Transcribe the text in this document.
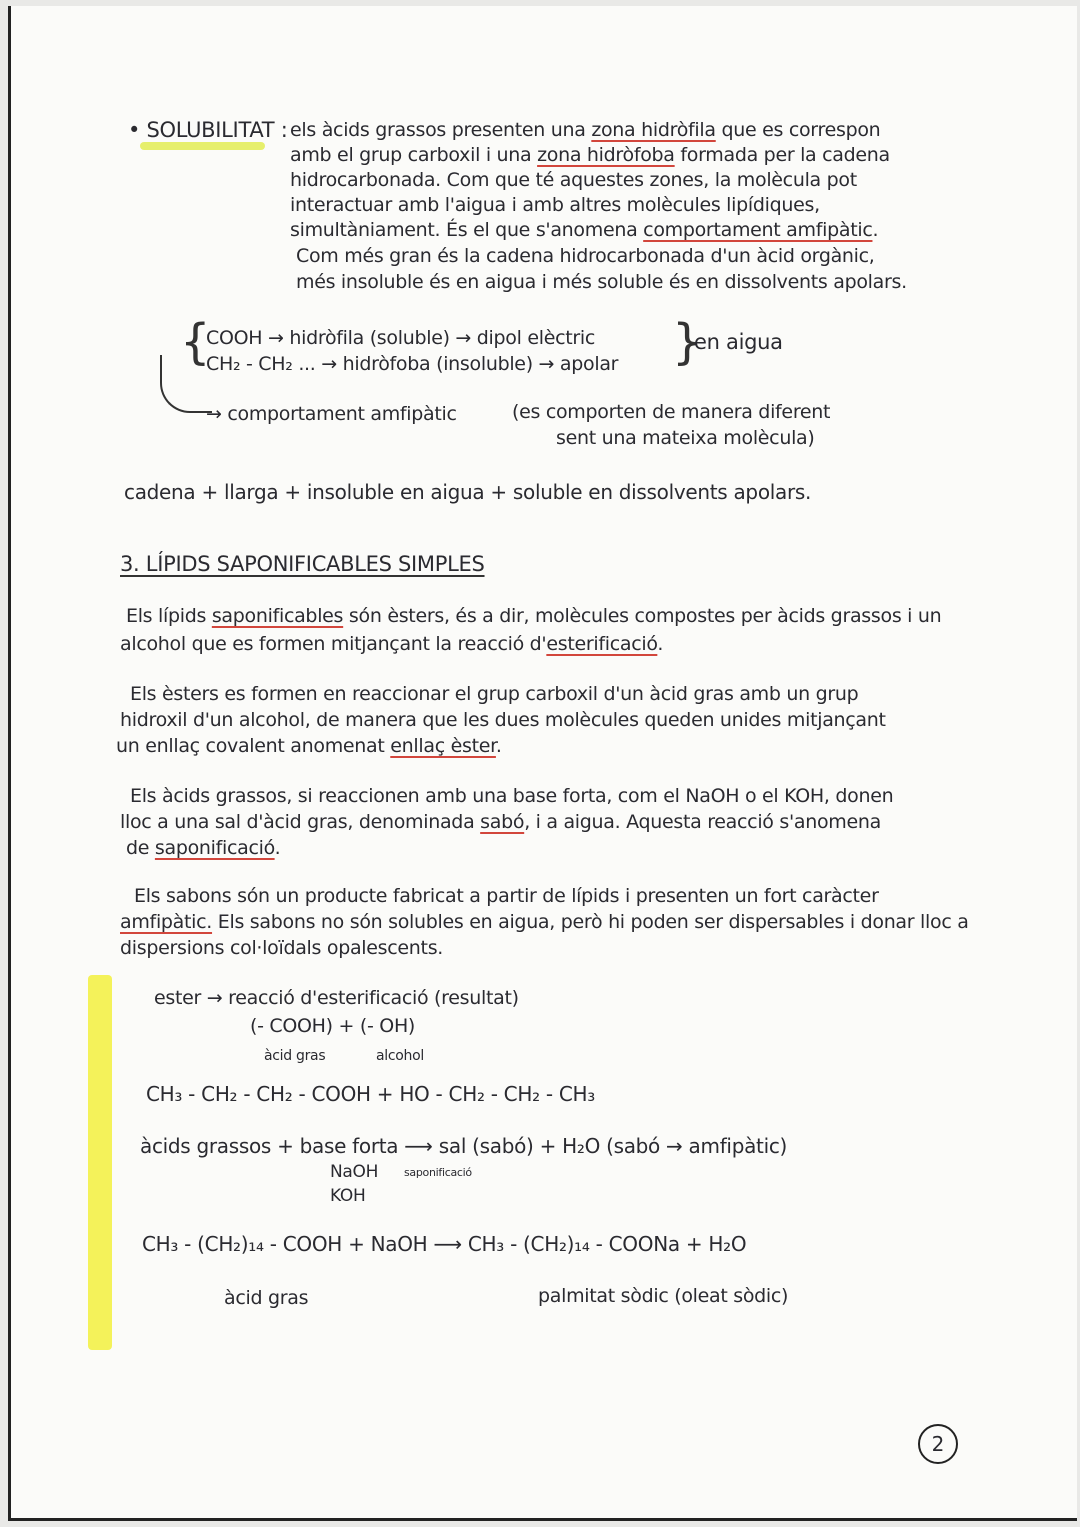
• SOLUBILITAT : els àcids grassos presenten una zona hidròfila que es correspon
amb el grup carboxil i una zona hidròfoba formada per la cadena
hidrocarbonada. Com que té aquestes zones, la molècula pot
interactuar amb l'aigua i amb altres molècules lipídiques,
simultàniament. És el que s'anomena comportament amfipàtic.
Com més gran és la cadena hidrocarbonada d'un àcid orgànic,
més insoluble és en aigua i més soluble és en dissolvents apolars.
{
COOH → hidròfila (soluble) → dipol elèctric
CH₂ - CH₂ ... → hidròfoba (insoluble) → apolar }
en aigua
→ comportament amfipàtic	(es comporten de manera diferent
sent una mateixa molècula)
cadena + llarga + insoluble en aigua + soluble en dissolvents apolars.
3. LÍPIDS SAPONIFICABLES SIMPLES
Els lípids saponificables són èsters, és a dir, molècules compostes per àcids grassos i un
alcohol que es formen mitjançant la reacció d'esterificació.
Els èsters es formen en reaccionar el grup carboxil d'un àcid gras amb un grup
hidroxil d'un alcohol, de manera que les dues molècules queden unides mitjançant
un enllaç covalent anomenat enllaç èster.
Els àcids grassos, si reaccionen amb una base forta, com el NaOH o el KOH, donen
lloc a una sal d'àcid gras, denominada sabó, i a aigua. Aquesta reacció s'anomena
de saponificació.
Els sabons són un producte fabricat a partir de lípids i presenten un fort caràcter
amfipàtic. Els sabons no són solubles en aigua, però hi poden ser dispersables i donar lloc a
dispersions col·loïdals opalescents.
ester → reacció d'esterificació (resultat)
(- COOH) + (- OH)
àcid gras	alcohol
CH₃ - CH₂ - CH₂ - COOH + HO - CH₂ - CH₂ - CH₃
àcids grassos + base forta ⟶ sal (sabó) + H₂O (sabó → amfipàtic)
NaOH
KOH
saponificació
CH₃ - (CH₂)₁₄ - COOH + NaOH ⟶ CH₃ - (CH₂)₁₄ - COONa + H₂O
àcid gras	palmitat sòdic (oleat sòdic)
2
